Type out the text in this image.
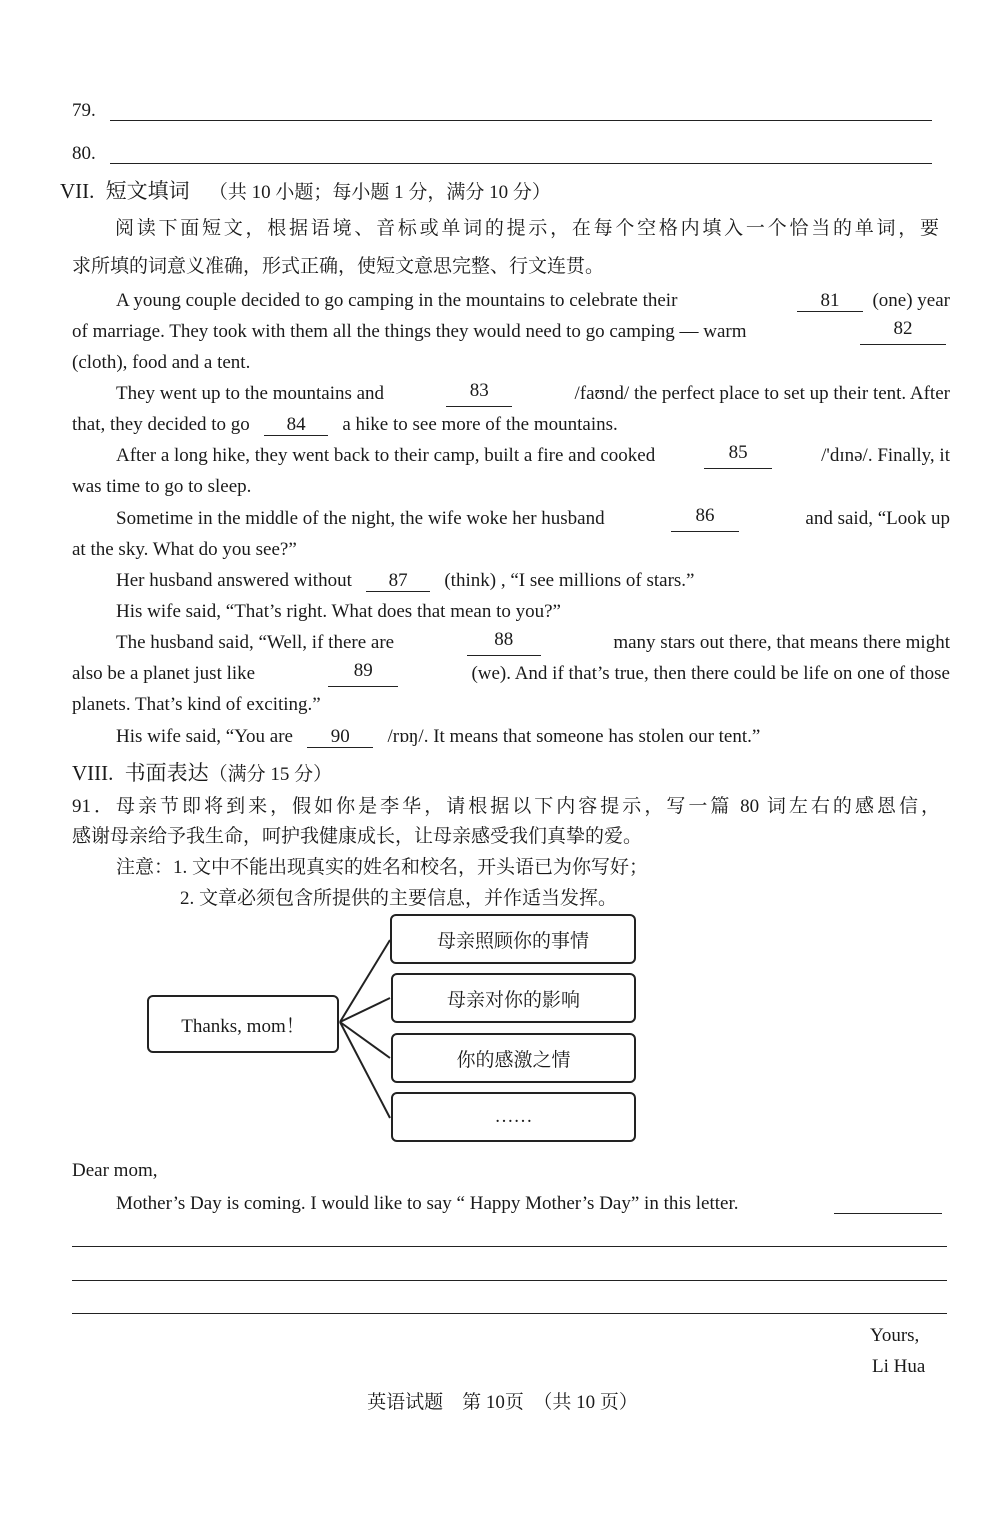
79.
80.
VII. 短文填词 （共 10 小题；每小题 1 分，满分 10 分）
阅读下面短文，根据语境、音标或单词的提示，在每个空格内填入一个恰当的单词，要
求所填的词意义准确，形式正确，使短文意思完整、行文连贯。
A young couple decided to go camping in the mountains to celebrate their	81 (one) year
of marriage. They took with them all the things they would need to go camping — warm	82
(cloth), food and a tent.
They went up to the mountains and	83	/faʊnd/ the perfect place to set up their tent. After
that, they decided to go 84 a hike to see more of the mountains.
After a long hike, they went back to their camp, built a fire and cooked	85	/'dɪnə/. Finally, it
was time to go to sleep.
Sometime in the middle of the night, the wife woke her husband	86	and said, “Look up
at the sky. What do you see?”
Her husband answered without 87 (think) , “I see millions of stars.”
His wife said, “That’s right. What does that mean to you?”
The husband said, “Well, if there are	88	many stars out there, that means there might
also be a planet just like	89	(we). And if that’s true, then there could be life on one of those
planets. That’s kind of exciting.”
His wife said, “You are 90 /rɒŋ/. It means that someone has stolen our tent.”
VIII. 书面表达（满分 15 分）
91．母亲节即将到来，假如你是李华，请根据以下内容提示，写一篇 80 词左右的感恩信，
感谢母亲给予我生命，呵护我健康成长，让母亲感受我们真挚的爱。
注意：1. 文中不能出现真实的姓名和校名，开头语已为你写好；
2. 文章必须包含所提供的主要信息，并作适当发挥。
Thanks, mom！
母亲照顾你的事情
母亲对你的影响
你的感激之情
……
Dear mom,
Mother’s Day is coming. I would like to say “ Happy Mother’s Day” in this letter.
Yours,
Li Hua
英语试题　第 10页　（共 10 页）
